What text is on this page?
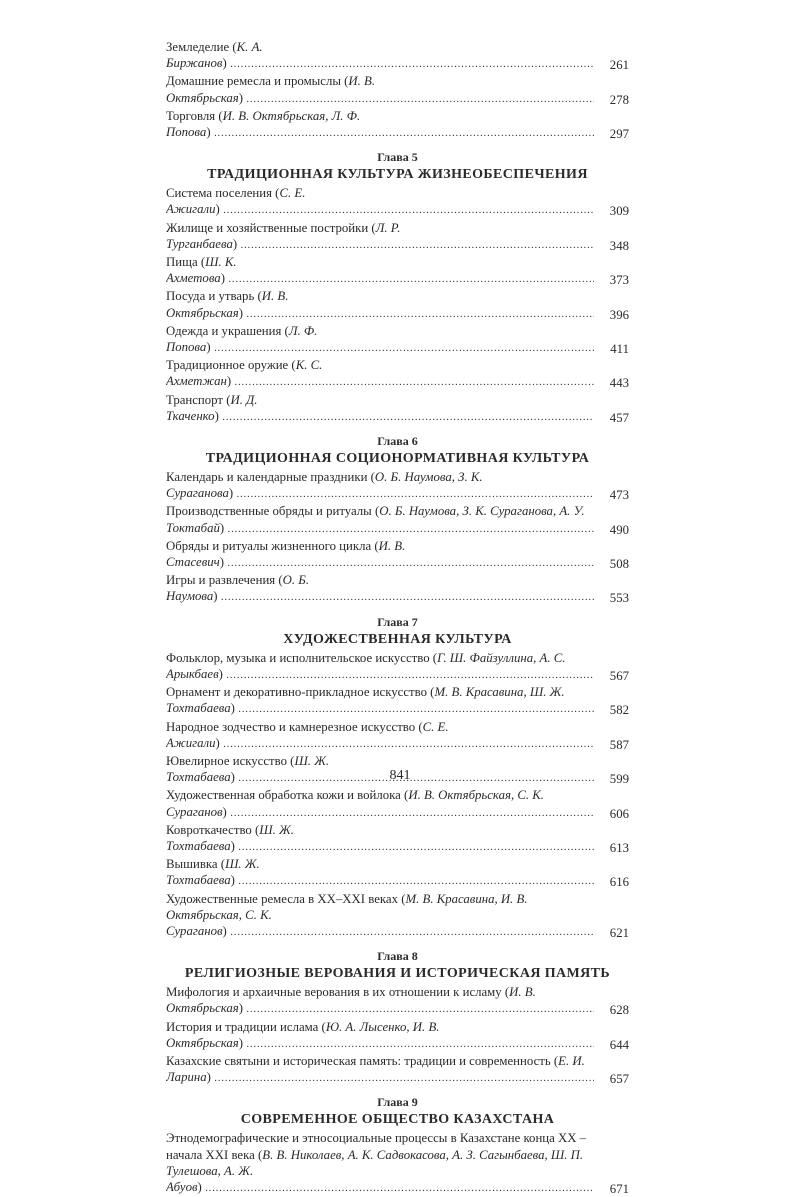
Земледелие (К. А. Биржанов) .....	261
Домашние ремесла и промыслы (И. В. Октябрьская) .....	278
Торговля (И. В. Октябрьская, Л. Ф. Попова) .....	297
Глава 5
ТРАДИЦИОННАЯ КУЛЬТУРА ЖИЗНЕОБЕСПЕЧЕНИЯ
Система поселения (С. Е. Ажигали) .....	309
Жилище и хозяйственные постройки (Л. Р. Турганбаева) .....	348
Пища (Ш. К. Ахметова) .....	373
Посуда и утварь (И. В. Октябрьская) .....	396
Одежда и украшения (Л. Ф. Попова) .....	411
Традиционное оружие (К. С. Ахметжан) .....	443
Транспорт (И. Д. Ткаченко) .....	457
Глава 6
ТРАДИЦИОННАЯ СОЦИОНОРМАТИВНАЯ КУЛЬТУРА
Календарь и календарные праздники (О. Б. Наумова, З. К. Сураганова) .....	473
Производственные обряды и ритуалы (О. Б. Наумова, З. К. Сураганова, А. У. Токтабай) .....	490
Обряды и ритуалы жизненного цикла (И. В. Стасевич) .....	508
Игры и развлечения (О. Б. Наумова) .....	553
Глава 7
ХУДОЖЕСТВЕННАЯ КУЛЬТУРА
Фольклор, музыка и исполнительское искусство (Г. Ш. Файзуллина, А. С. Арыкбаев) .....	567
Орнамент и декоративно-прикладное искусство (М. В. Красавина, Ш. Ж. Тохтабаева) .....	582
Народное зодчество и камнерезное искусство (С. Е. Ажигали) .....	587
Ювелирное искусство (Ш. Ж. Тохтабаева) .....	599
Художественная обработка кожи и войлока (И. В. Октябрьская, С. К. Сураганов) .....	606
Ковроткачество (Ш. Ж. Тохтабаева) .....	613
Вышивка (Ш. Ж. Тохтабаева) .....	616
Художественные ремесла в XX–XXI веках (М. В. Красавина, И. В. Октябрьская, С. К. Сураганов) .....	621
Глава 8
РЕЛИГИОЗНЫЕ ВЕРОВАНИЯ И ИСТОРИЧЕСКАЯ ПАМЯТЬ
Мифология и архаичные верования в их отношении к исламу (И. В. Октябрьская) .....	628
История и традиции ислама (Ю. А. Лысенко, И. В. Октябрьская) .....	644
Казахские святыни и историческая память: традиции и современность (Е. И. Ларина) .....	657
Глава 9
СОВРЕМЕННОЕ ОБЩЕСТВО КАЗАХСТАНА
Этнодемографические и этносоциальные процессы в Казахстане конца XX – начала XXI века (В. В. Николаев, А. К. Садвокасова, А. З. Сагынбаева, Ш. П. Тулешова, А. Ж. Абуов) .....	671
841
